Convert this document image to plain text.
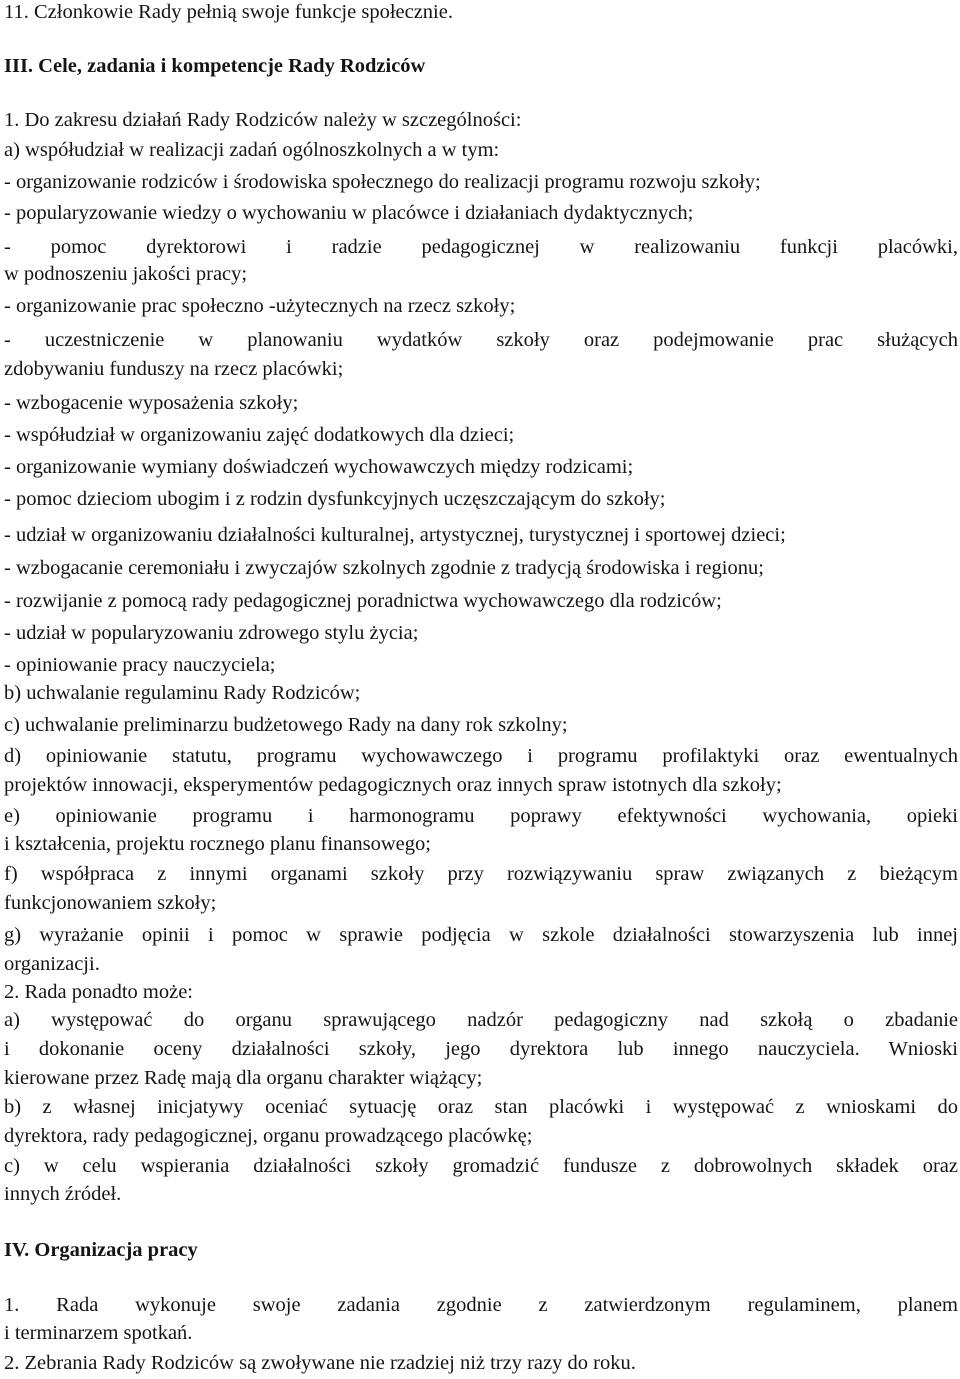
11. Członkowie Rady pełnią swoje funkcje społecznie.
III. Cele, zadania i kompetencje Rady Rodziców
1. Do zakresu działań Rady Rodziców należy w szczególności:
a) współudział w realizacji zadań ogólnoszkolnych a w tym:
- organizowanie rodziców i środowiska społecznego do realizacji programu rozwoju szkoły;
- popularyzowanie wiedzy o wychowaniu w placówce i działaniach dydaktycznych;
- pomoc dyrektorowi i radzie pedagogicznej w realizowaniu funkcji placówki,
w podnoszeniu jakości pracy;
- organizowanie prac społeczno -użytecznych na rzecz szkoły;
- uczestniczenie w planowaniu wydatków szkoły oraz podejmowanie prac służących
zdobywaniu funduszy na rzecz placówki;
- wzbogacenie wyposażenia szkoły;
- współudział w organizowaniu zajęć dodatkowych dla dzieci;
- organizowanie wymiany doświadczeń wychowawczych między rodzicami;
- pomoc dzieciom ubogim i z rodzin dysfunkcyjnych uczęszczającym do szkoły;
- udział w organizowaniu działalności kulturalnej, artystycznej, turystycznej i sportowej dzieci;
- wzbogacanie ceremoniału i zwyczajów szkolnych zgodnie z tradycją środowiska i regionu;
- rozwijanie z pomocą rady pedagogicznej poradnictwa wychowawczego dla rodziców;
- udział w popularyzowaniu zdrowego stylu życia;
- opiniowanie pracy nauczyciela;
b) uchwalanie regulaminu Rady Rodziców;
c) uchwalanie preliminarzu budżetowego Rady na dany rok szkolny;
d) opiniowanie statutu, programu wychowawczego i programu profilaktyki oraz ewentualnych
projektów innowacji, eksperymentów pedagogicznych oraz innych spraw istotnych dla szkoły;
e) opiniowanie programu i harmonogramu poprawy efektywności wychowania, opieki
i kształcenia, projektu rocznego planu finansowego;
f) współpraca z innymi organami szkoły przy rozwiązywaniu spraw związanych z bieżącym
funkcjonowaniem szkoły;
g) wyrażanie opinii i pomoc w sprawie podjęcia w szkole działalności stowarzyszenia lub innej
organizacji.
2. Rada ponadto może:
a) występować do organu sprawującego nadzór pedagogiczny nad szkołą o zbadanie
i dokonanie oceny działalności szkoły, jego dyrektora lub innego nauczyciela. Wnioski
kierowane przez Radę mają dla organu charakter wiążący;
b) z własnej inicjatywy oceniać sytuację oraz stan placówki i występować z wnioskami do
dyrektora, rady pedagogicznej, organu prowadzącego placówkę;
c) w celu wspierania działalności szkoły gromadzić fundusze z dobrowolnych składek oraz
innych źródeł.
IV. Organizacja pracy
1. Rada wykonuje swoje zadania zgodnie z zatwierdzonym regulaminem, planem
i terminarzem spotkań.
2. Zebrania Rady Rodziców są zwoływane nie rzadziej niż trzy razy do roku.
